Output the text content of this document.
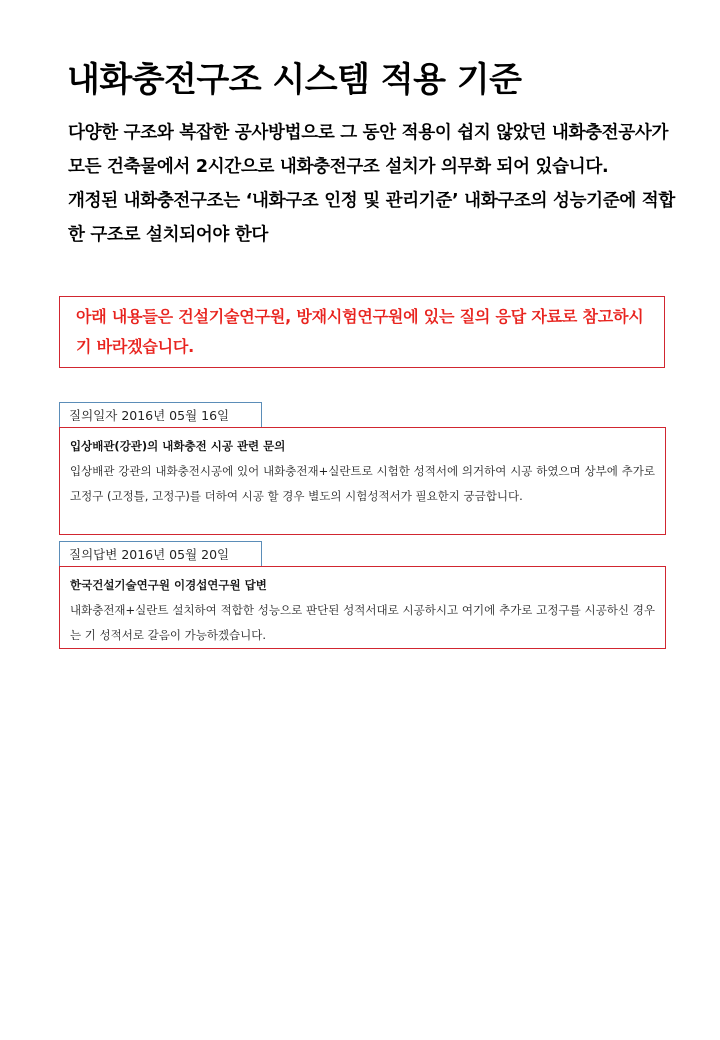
내화충전구조 시스템 적용 기준

다양한 구조와 복잡한 공사방법으로 그 동안 적용이 쉽지 않았던 내화충전공사가 모든 건축물에서 2시간으로 내화충전구조 설치가 의무화 되어 있습니다.

개정된 내화충전구조는 ‘내화구조 인정 및 관리기준’ 내화구조의 성능기준에 적합한 구조로 설치되어야 한다

아래 내용들은 건설기술연구원, 방재시험연구원에 있는 질의 응답 자료로 참고하시기 바라겠습니다.
질의일자 2016년 05월 16일
입상배관(강관)의 내화충전 시공 관련 문의
입상배관 강관의 내화충전시공에 있어 내화충전재+실란트로 시험한 성적서에 의거하여 시공 하였으며 상부에 추가로 고정구 (고정틀, 고정구)를 더하여 시공 할 경우 별도의 시험성적서가 필요한지 궁금합니다.
질의답변 2016년 05월 20일
한국건설기술연구원 이경섭연구원 답변
내화충전재+실란트 설치하여 적합한 성능으로 판단된 성적서대로 시공하시고 여기에 추가로 고정구를 시공하신 경우는 기 성적서로 갈음이 가능하겠습니다.
